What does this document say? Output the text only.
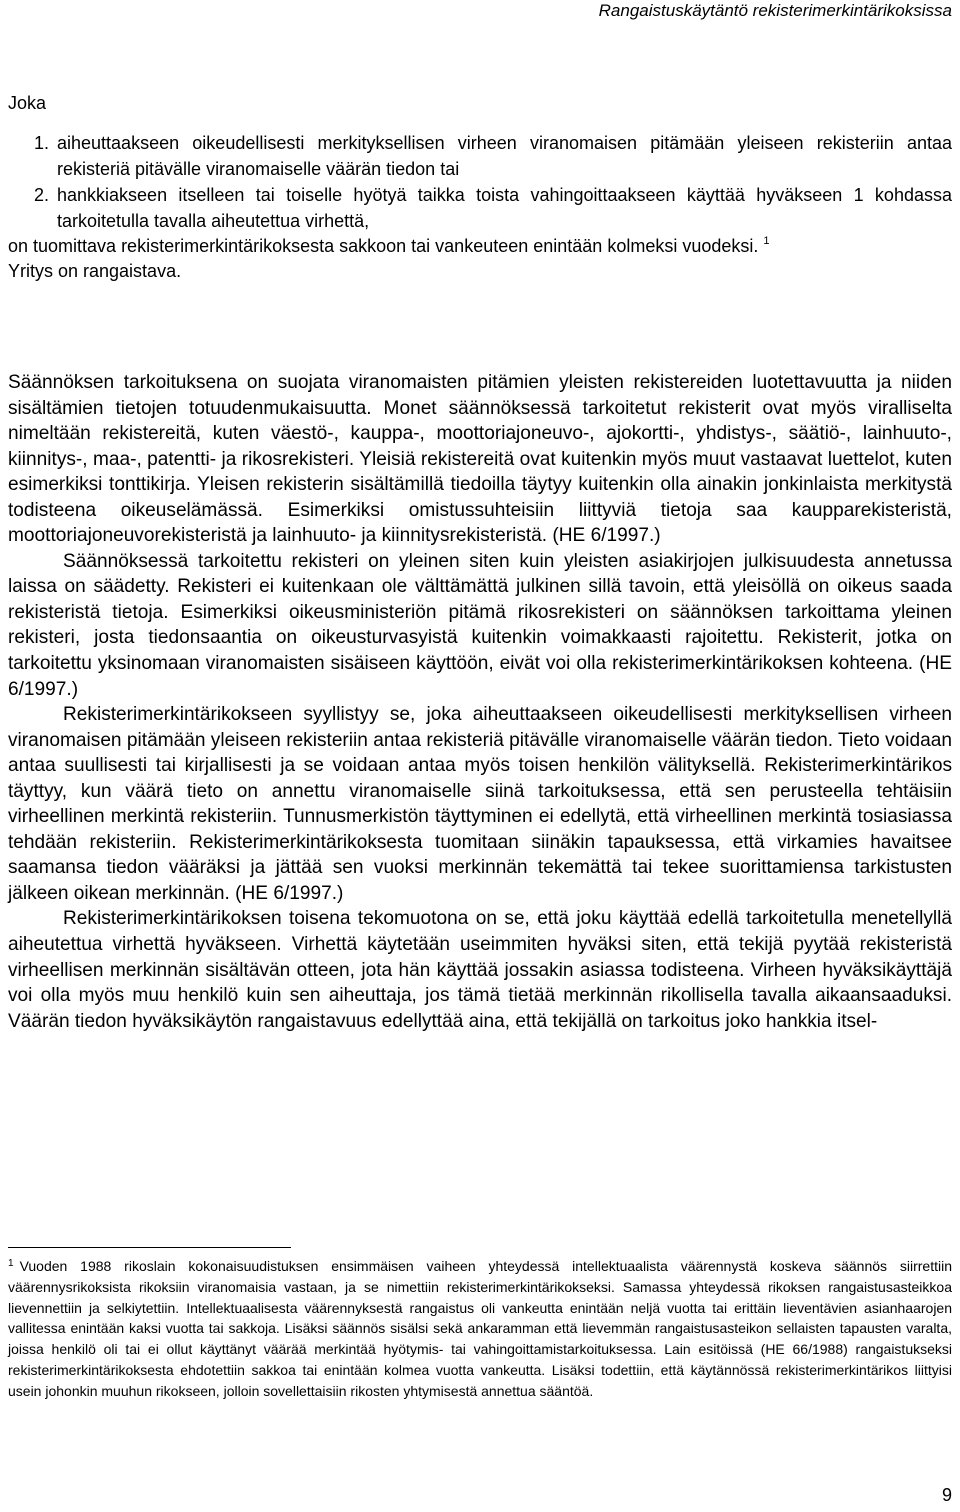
Rangaistuskäytäntö rekisterimerkintärikoksissa

Joka

1. 1. aiheuttaakseen oikeudellisesti merkityksellisen virheen viranomaisen pitämään yleiseen rekisteriin antaa rekisteriä pitävälle viranomaiselle väärän tiedon tai
2. 2. hankkiakseen itselleen tai toiselle hyötyä taikka toista vahingoittaakseen käyttää hyväkseen 1 kohdassa tarkoitetulla tavalla aiheutettua virhettä,

on tuomittava rekisterimerkintärikoksesta sakkoon tai vankeuteen enintään kolmeksi vuodeksi. $^1$

Yritys on rangaistava.

Säännöksen tarkoituksena on suojata viranomaisten pitämien yleisten rekistereiden luotettavuutta ja niiden sisältämien tietojen totuudenmukaisuutta. Monet säännöksessä tarkoitetut rekisterit ovat myös viralliselta nimeltään rekistereitä, kuten väestö-, kauppa-, moottoriajoneuvo-, ajokortti-, yhdistys-, säätiö-, lainhuuto-, kiinnitys-, maa-, patentti- ja rikosrekisteri. Yleisiä rekistereitä ovat kuitenkin myös muut vastaavat luettelot, kuten esimerkiksi tonttikirja. Yleisen rekisterin sisältämillä tiedoilla täytyy kuitenkin olla ainakin jonkinlaista merkitystä todisteena oikeuselämässä. Esimerkiksi omistussuhteisiin liittyviä tietoja saa kaupparekisteristä, moottoriajoneuvorekisteristä ja lainhuuto- ja kiinnitysrekisteristä. (HE 6/1997.)

Säännöksessä tarkoitettu rekisteri on yleinen siten kuin yleisten asiakirjojen julkisuudesta annetussa laissa on säädetty. Rekisteri ei kuitenkaan ole välttämättä julkinen sillä tavoin, että yleisöllä on oikeus saada rekisteristä tietoja. Esimerkiksi oikeusministeriön pitämä rikosrekisteri on säännöksen tarkoittama yleinen rekisteri, josta tiedonsaantia on oikeusturvasyistä kuitenkin voimakkaasti rajoitettu. Rekisterit, jotka on tarkoitettu yksinomaan viranomaisten sisäiseen käyttöön, eivät voi olla rekisterimerkintärikoksen kohteena. (HE 6/1997.)

Rekisterimerkintärikokseen syyllistyy se, joka aiheuttaakseen oikeudellisesti merkityksellisen virheen viranomaisen pitämään yleiseen rekisteriin antaa rekisteriä pitävälle viranomaiselle väärän tiedon. Tieto voidaan antaa suullisesti tai kirjallisesti ja se voidaan antaa myös toisen henkilön välityksellä. Rekisterimerkintärikos täyttyy, kun väärä tieto on annettu viranomaiselle siinä tarkoituksessa, että sen perusteella tehtäisiin virheellinen merkintä rekisteriin. Tunnusmerkistön täyttyminen ei edellytä, että virheellinen merkintä tosiasiassa tehdään rekisteriin. Rekisterimerkintärikoksesta tuomitaan siinäkin tapauksessa, että virkamies havaitsee saamansa tiedon vääräksi ja jättää sen vuoksi merkinnän tekemättä tai tekee suorittamiensa tarkistusten jälkeen oikean merkinnän. (HE 6/1997.)

Rekisterimerkintärikoksen toisena tekomuotona on se, että joku käyttää edellä tarkoitetulla menetellyllä aiheutettua virhettä hyväkseen. Virhettä käytetään useimmiten hyväksi siten, että tekijä pyytää rekisteristä virheellisen merkinnän sisältävän otteen, jota hän käyttää jossakin asiassa todisteena. Virheen hyväksikäyttäjä voi olla myös muu henkilö kuin sen aiheuttaja, jos tämä tietää merkinnän rikollisella tavalla aikaansaaduksi. Väärän tiedon hyväksikäytön rangaistavuus edellyttää aina, että tekijällä on tarkoitus joko hankkia itsel-

$^1$ Vuoden 1988 rikoslain kokonaisuudistuksen ensimmäisen vaiheen yhteydessä intellektuaalista väärennystä koskeva säännös siirrettiin väärennysrikoksista rikoksiin viranomaisia vastaan, ja se nimettiin rekisterimerkintärikokseksi. Samassa yhteydessä rikoksen rangaistusasteikkoa lievennettiin ja selkiytettiin. Intellektuaalisesta väärennyksestä rangaistus oli vankeutta enintään neljä vuotta tai erittäin lieventävien asianhaarojen vallitessa enintään kaksi vuotta tai sakkoja. Lisäksi säännös sisälsi sekä ankaramman että lievemmän rangaistusasteikon sellaisten tapausten varalta, joissa henkilö oli tai ei ollut käyttänyt väärää merkintää hyötymis- tai vahingoittamistarkoituksessa. Lain esitöissä (HE 66/1988) rangaistukseksi rekisterimerkintärikoksesta ehdotettiin sakkoa tai enintään kolmea vuotta vankeutta. Lisäksi todettiin, että käytännössä rekisterimerkintärikos liittyisi usein johonkin muuhun rikokseen, jolloin sovellettaisiin rikosten yhtymisestä annettua sääntöä.
9
